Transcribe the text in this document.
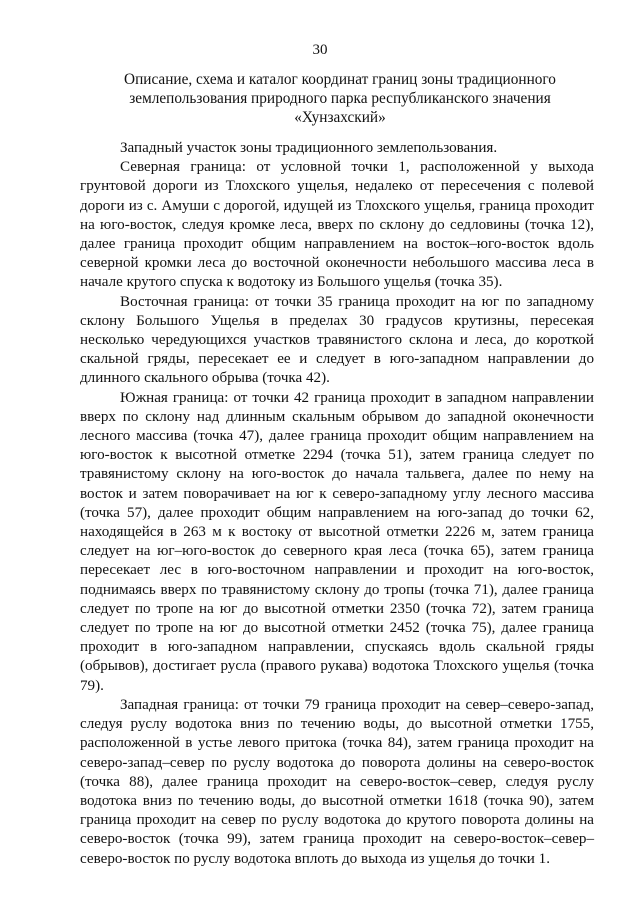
30
Описание, схема и каталог координат границ зоны традиционного
землепользования природного парка республиканского значения
«Хунзахский»

Западный участок зоны традиционного землепользования.

Северная граница: от условной точки 1, расположенной у выхода грунтовой дороги из Тлохского ущелья, недалеко от пересечения с полевой дороги из с. Амуши с дорогой, идущей из Тлохского ущелья, граница проходит на юго-восток, следуя кромке леса, вверх по склону до седловины (точка 12), далее граница проходит общим направлением на восток–юго-восток вдоль северной кромки леса до восточной оконечности небольшого массива леса в начале крутого спуска к водотоку из Большого ущелья (точка 35).

Восточная граница: от точки 35 граница проходит на юг по западному склону Большого Ущелья в пределах 30 градусов крутизны, пересекая несколько чередующихся участков травянистого склона и леса, до короткой скальной гряды, пересекает ее и следует в юго-западном направлении до длинного скального обрыва (точка 42).

Южная граница: от точки 42 граница проходит в западном направлении вверх по склону над длинным скальным обрывом до западной оконечности лесного массива (точка 47), далее граница проходит общим направлением на юго-восток к высотной отметке 2294 (точка 51), затем граница следует по травянистому склону на юго-восток до начала тальвега, далее по нему на восток и затем поворачивает на юг к северо-западному углу лесного массива (точка 57), далее проходит общим направлением на юго-запад до точки 62, находящейся в 263 м к востоку от высотной отметки 2226 м, затем граница следует на юг–юго-восток до северного края леса (точка 65), затем граница пересекает лес в юго-восточном направлении и проходит на юго-восток, поднимаясь вверх по травянистому склону до тропы (точка 71), далее граница следует по тропе на юг до высотной отметки 2350 (точка 72), затем граница следует по тропе на юг до высотной отметки 2452 (точка 75), далее граница проходит в юго-западном направлении, спускаясь вдоль скальной гряды (обрывов), достигает русла (правого рукава) водотока Тлохского ущелья (точка 79).

Западная граница: от точки 79 граница проходит на север–северо-запад, следуя руслу водотока вниз по течению воды, до высотной отметки 1755, расположенной в устье левого притока (точка 84), затем граница проходит на северо-запад–север по руслу водотока до поворота долины на северо-восток (точка 88), далее граница проходит на северо-восток–север, следуя руслу водотока вниз по течению воды, до высотной отметки 1618 (точка 90), затем граница проходит на север по руслу водотока до крутого поворота долины на северо-восток (точка 99), затем граница проходит на северо-восток–север–северо-восток по руслу водотока вплоть до выхода из ущелья до точки 1.
